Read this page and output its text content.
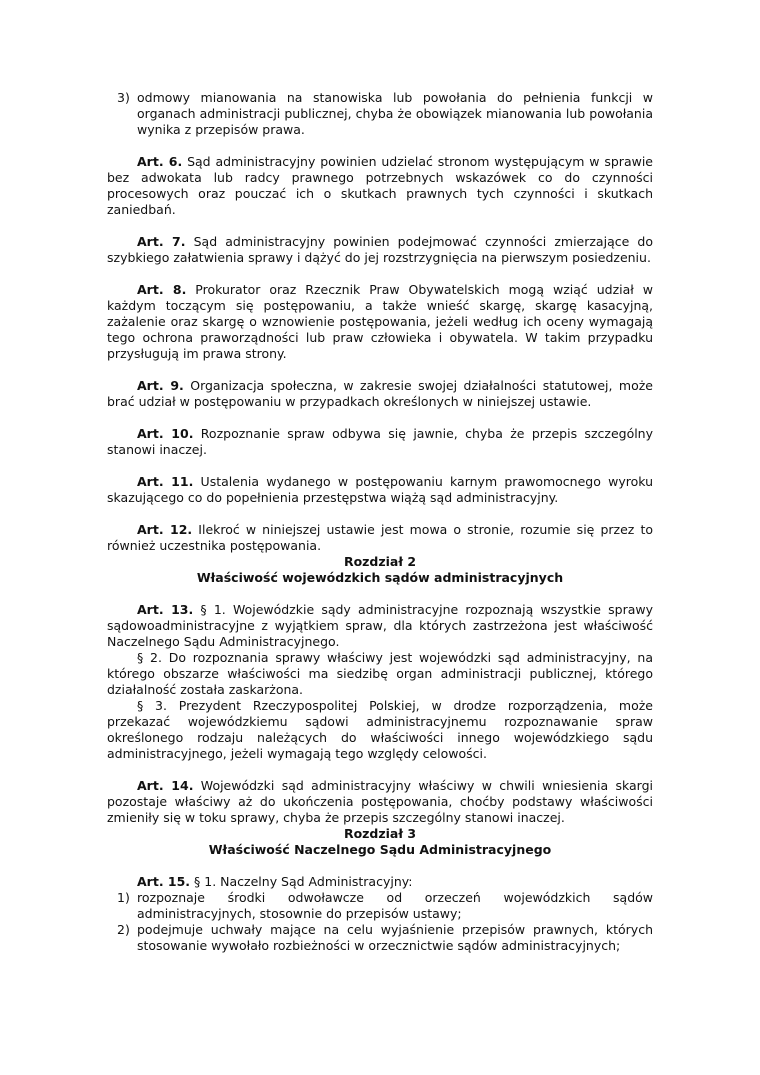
3) odmowy mianowania na stanowiska lub powołania do pełnienia funkcji w organach administracji publicznej, chyba że obowiązek mianowania lub powołania wynika z przepisów prawa.

Art. 6. Sąd administracyjny powinien udzielać stronom występującym w sprawie bez adwokata lub radcy prawnego potrzebnych wskazówek co do czynności procesowych oraz pouczać ich o skutkach prawnych tych czynności i skutkach zaniedbań.

Art. 7. Sąd administracyjny powinien podejmować czynności zmierzające do szybkiego załatwienia sprawy i dążyć do jej rozstrzygnięcia na pierwszym posiedzeniu.

Art. 8. Prokurator oraz Rzecznik Praw Obywatelskich mogą wziąć udział w każdym toczącym się postępowaniu, a także wnieść skargę, skargę kasacyjną, zażalenie oraz skargę o wznowienie postępowania, jeżeli według ich oceny wymagają tego ochrona praworządności lub praw człowieka i obywatela. W takim przypadku przysługują im prawa strony.

Art. 9. Organizacja społeczna, w zakresie swojej działalności statutowej, może brać udział w postępowaniu w przypadkach określonych w niniejszej ustawie.

Art. 10. Rozpoznanie spraw odbywa się jawnie, chyba że przepis szczególny stanowi inaczej.

Art. 11. Ustalenia wydanego w postępowaniu karnym prawomocnego wyroku skazującego co do popełnienia przestępstwa wiążą sąd administracyjny.

Art. 12. Ilekroć w niniejszej ustawie jest mowa o stronie, rozumie się przez to również uczestnika postępowania.

Rozdział 2

Właściwość wojewódzkich sądów administracyjnych

Art. 13. § 1. Wojewódzkie sądy administracyjne rozpoznają wszystkie sprawy sądowoadministracyjne z wyjątkiem spraw, dla których zastrzeżona jest właściwość Naczelnego Sądu Administracyjnego.

§ 2. Do rozpoznania sprawy właściwy jest wojewódzki sąd administracyjny, na którego obszarze właściwości ma siedzibę organ administracji publicznej, którego działalność została zaskarżona.

§ 3. Prezydent Rzeczypospolitej Polskiej, w drodze rozporządzenia, może przekazać wojewódzkiemu sądowi administracyjnemu rozpoznawanie spraw określonego rodzaju należących do właściwości innego wojewódzkiego sądu administracyjnego, jeżeli wymagają tego względy celowości.

Art. 14. Wojewódzki sąd administracyjny właściwy w chwili wniesienia skargi pozostaje właściwy aż do ukończenia postępowania, choćby podstawy właściwości zmieniły się w toku sprawy, chyba że przepis szczególny stanowi inaczej.

Rozdział 3

Właściwość Naczelnego Sądu Administracyjnego

Art. 15. § 1. Naczelny Sąd Administracyjny:

1) rozpoznaje środki odwoławcze od orzeczeń wojewódzkich sądów administracyjnych, stosownie do przepisów ustawy;

2) podejmuje uchwały mające na celu wyjaśnienie przepisów prawnych, których stosowanie wywołało rozbieżności w orzecznictwie sądów administracyjnych;
